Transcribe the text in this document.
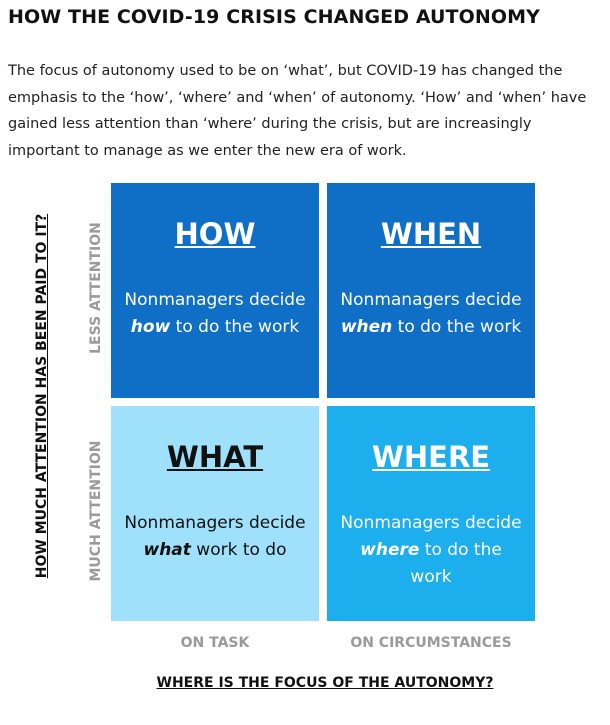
HOW THE COVID-19 CRISIS CHANGED AUTONOMY
The focus of autonomy used to be on ‘what’, but COVID-19 has changed the emphasis to the ‘how’, ‘where’ and ‘when’ of autonomy. ‘How’ and ‘when’ have gained less attention than ‘where’ during the crisis, but are increasingly important to manage as we enter the new era of work.
HOW MUCH ATTENTION HAS BEEN PAID TO IT?	LESS ATTENTION
MUCH ATTENTION
HOW
Nonmanagers decide how to do the work
WHEN
Nonmanagers decide when to do the work
WHAT
Nonmanagers decide what work to do
WHERE
Nonmanagers decide where to do the work
ON TASK	ON CIRCUMSTANCES
WHERE IS THE FOCUS OF THE AUTONOMY?
